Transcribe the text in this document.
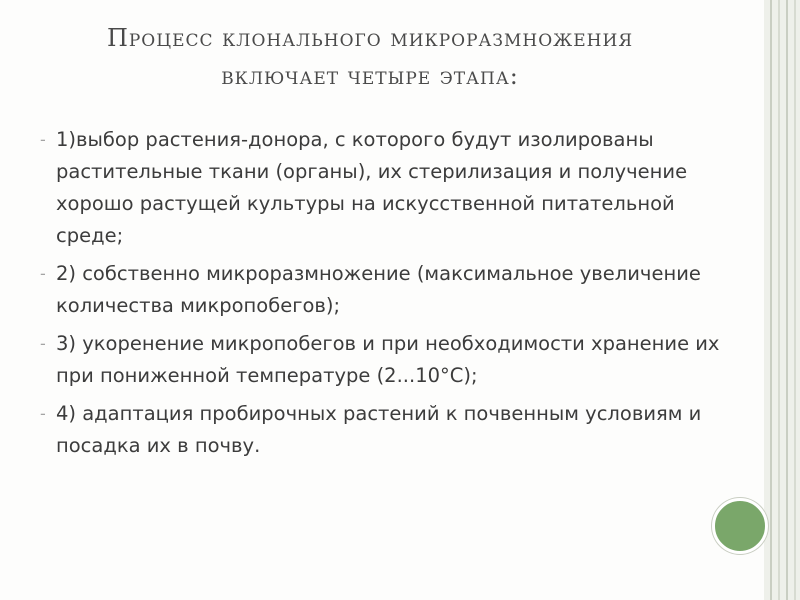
Процесс клонального микроразмножения
включает четыре этапа:
- 1)выбор растения-донора, с которого будут изолированы растительные ткани (органы), их стерилизация и получение хорошо растущей культуры на искусственной питательной среде;
- 2) собственно микроразмножение (максимальное увеличение количества микропобегов);
- 3) укоренение микропобегов и при необходимости хранение их при пониженной температуре (2...10°С);
- 4) адаптация пробирочных растений к почвенным условиям и посадка их в почву.
